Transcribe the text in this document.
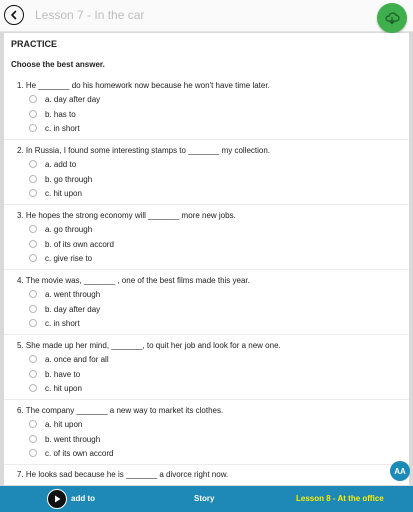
Lesson 7 - In the car
PRACTICE
Choose the best answer.
1. He _______ do his homework now because he won't have time later.
a. day after day
b. has to
c. in short
2. In Russia, I found some interesting stamps to _______ my collection.
a. add to
b. go through
c. hit upon
3. He hopes the strong economy will _______ more new jobs.
a. go through
b. of its own accord
c. give rise to
4. The movie was, _______ , one of the best films made this year.
a. went through
b. day after day
c. in short
5. She made up her mind, _______, to quit her job and look for a new one.
a. once and for all
b. have to
c. hit upon
6. The company _______ a new way to market its clothes.
a. hit upon
b. went through
c. of its own accord
7. He looks sad because he is _______ a divorce right now.	AA
add to	Story	Lesson 8 - At the office
